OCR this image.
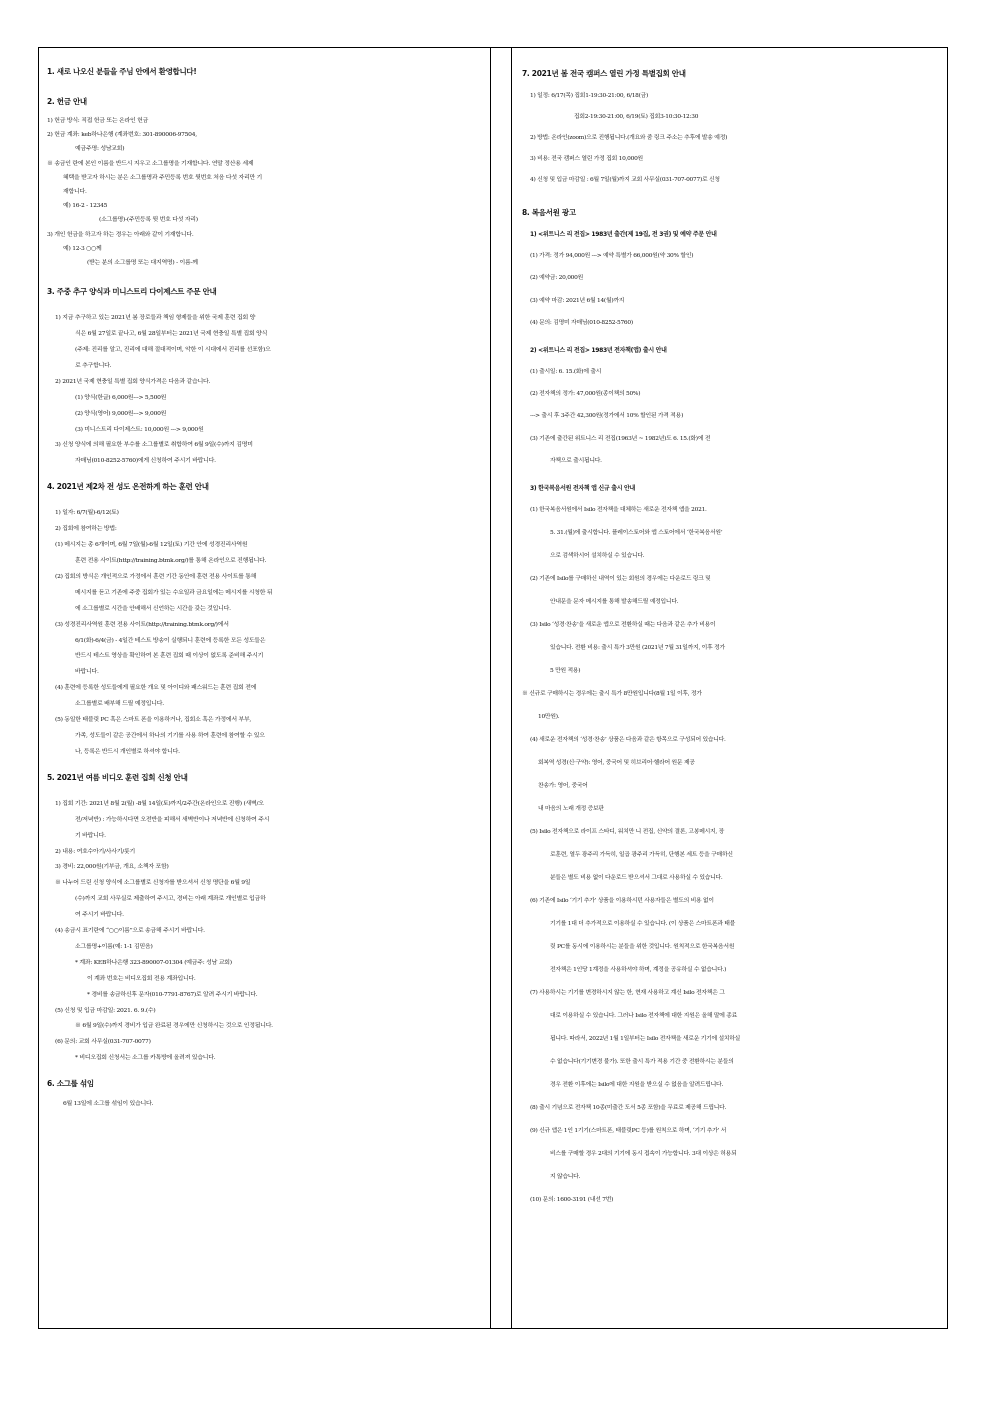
1. 새로 나오신 분들을 주님 안에서 환영합니다!
2. 헌금 안내

1) 헌금 방식: 직접 헌금 또는 온라인 헌금

2) 헌금 계좌: keb하나은행 (계좌번호: 301-890006-97504,

예금주명: 성남교회)

※ 송금인 란에 본인 이름을 반드시 지우고 소그룹명을 기재합니다. 연말 정산용 세제

혜택을 받고자 하시는 분은 소그룹명과 주민등록 번호 뒷번호 처음 다섯 자리만 기

재합니다.

예) 16-2 - 12345

(소그룹명)-(주민등록 뒷 번호 다섯 자리)

3) 개인 헌금을 하고자 하는 경우는 아래와 같이 기재합니다.

예) 12-3 ○○께

(받는 분의 소그룹명 또는 대지역명) - 이름-께

3. 주중 추구 양식과 미니스트리 다이제스트 주문 안내

1) 지금 추구하고 있는 2021년 봄 장로들과 책임 형제들을 위한 국제 훈련 집회 양

식은 6월 27일로 끝나고, 6월 28일부터는 2021년 국제 현충일 특별 집회 양식

(주제: 진리를 알고, 진리에 대해 절대적이며, 악한 이 시대에서 진리를 선포함)으

로 추구합니다.

2) 2021년 국제 현충일 특별 집회 양식가격은 다음과 같습니다.

(1) 양식(한글) 6,000원---> 5,500원

(2) 양식(영어) 9,000원---> 9,000원

(3) 미니스트리 다이제스트: 10,000원 ---> 9,000원

3) 신청 양식에 의해 필요한 부수를 소그룹별로 취합하여 6월 9일(수)까지 김명미

자매님(010-8252-5760)에게 신청하여 주시기 바랍니다.

4. 2021년 제2차 전 성도 온전하게 하는 훈련 안내

1) 일자: 6/7(월)-6/12(토)

2) 집회에 참여하는 방법:

(1) 메시지는 총 6개이며, 6월 7일(월)-6월 12일(토) 기간 안에 성경진리사역원

훈련 전용 사이트(http://training.btmk.org/)를 통해 온라인으로 진행됩니다.

(2) 집회의 방식은 개인적으로 가정에서 훈련 기간 동안에 훈련 전용 사이트를 통해

메시지를 듣고 기존에 주중 집회가 있는 수요일과 금요일에는 메시지를 시청한 뒤

에 소그룹별로 시간을 안배해서 신언하는 시간을 갖는 것입니다.

(3) 성경진리사역원 훈련 전용 사이트(http://training.btmk.org/)에서

6/1(화)-6/4(금) - 4일간 테스트 방송이 실행되니 훈련에 등록한 모든 성도들은

반드시 테스트 영상을 확인하여 본 훈련 집회 때 이상이 없도록 준비해 주시기

바랍니다.

(4) 훈련에 등록한 성도들에게 필요한 개요 및 아이디와 패스워드는 훈련 집회 전에

소그룹별로 배부해 드릴 예정입니다.

(5) 동일한 태블릿 PC 혹은 스마트 폰을 이용하거나, 집회소 혹은 가정에서 부부,

가족, 성도들이 같은 공간에서 하나의 기기를 사용 하여 훈련에 참여할 수 있으

나, 등록은 반드시 개인별로 하셔야 합니다.

5. 2021년 여름 비디오 훈련 집회 신청 안내

1) 집회 기간: 2021년 8월 2(월) -8월 14일(토)까지/2주간(온라인으로 진행) (새벽/오

전/저녁반) : 가능하시다면 오전반을 피해서 새벽반이나 저녁반에 신청하여 주시

기 바랍니다.

2) 내용: 여호수아기/사사기/룻기

3) 경비: 22,000원(기부금, 개요, 소책자 포함)

※ 나누어 드린 신청 양식에 소그룹별로 신청자를 받으셔서 신청 명단을 6월 9일

(수)까지 교회 사무실로 제출하여 주시고, 경비는 아래 계좌로 개인별로 입금하

여 주시기 바랍니다.

(4) 송금시 표기란에 “○○이름”으로 송금해 주시기 바랍니다.

소그룹명+이름(예: 1-1 김믿음)

* 계좌: KEB하나은행 323-890007-01304 (예금주: 성남 교회)

이 계좌 번호는 비디오집회 전용 계좌입니다.

* 경비를 송금하신후 문자(010-7791-8767)로 알려 주시기 바랍니다.

(5) 신청 및 입금 마감일: 2021. 6. 9.(수)

※ 6월 9일(수)까지 경비가 입금 완료된 경우에만 신청하시는 것으로 인정됩니다.

(6) 문의: 교회 사무실(031-707-0077)

* 비디오집회 신청서는 소그룹 카톡방에 올려져 있습니다.

6. 소그룹 섞임

6월 13일에 소그룹 섞임이 있습니다.

7. 2021년 봄 전국 캠퍼스 열린 가정 특별집회 안내

1) 일정: 6/17(목) 집회1-19:30-21:00, 6/18(금)

집회2-19:30-21:00, 6/19(토) 집회3-10:30-12:30

2) 방법: 온라인(zoom)으로 진행됩니다.(개요와 줌 링크 주소는 추후에 발송 예정)

3) 비용: 전국 캠퍼스 열린 가정 집회 10,000원

4) 신청 및 입금 마감일 : 6월 7일(월)까지 교회 사무실(031-707-0077)로 신청

8. 복음서원 광고
1) <위트니스 리 전집> 1983년 출간(제 19집, 전 3권) 및 예약 주문 안내

(1) 가격: 정가 94,000원 ---> 예약 특별가 66,000원(약 30% 할인)

(2) 예약금: 20,000원

(3) 예약 마감: 2021년 6월 14(월)까지

(4) 문의: 김명미 자매님(010-8252-5760)

2) <위트니스 리 전집> 1983년 전자책(앱) 출시 안내

(1) 출시일: 6. 15.(화)에 출시

(2) 전자책의 정가: 47,000원(종이책의 50%)

---> 출시 후 3주간 42,300원(정가에서 10% 할인된 가격 적용)

(3) 기존에 출간된 위트니스 리 전집(1963년 ~ 1982년)도 6. 15.(화)에 전

자책으로 출시됩니다.

3) 한국복음서원 전자책 앱 신규 출시 안내

(1) 한국복음서원에서 Isilo 전자책을 대체하는 새로운 전자책 앱을 2021.

5. 31.(월)에 출시합니다. 플레이스토어와 앱 스토어에서 ‘한국복음서원’

으로 검색하시어 설치하실 수 있습니다.

(2) 기존에 Isilo를 구매하신 내역이 있는 회원의 경우에는 다운로드 링크 및

안내문을 문자 메시지를 통해 발송해드릴 예정입니다.

(3) Isilo ‘성경·찬송’을 새로운 앱으로 전환하실 때는 다음과 같은 추가 비용이

있습니다. 전환 비용: 출시 특가 3만원 (2021년 7월 31일까지, 이후 정가

5 만원 적용)

※ 신규로 구매하시는 경우에는 출시 특가 8만원입니다(8월 1일 이후, 정가

10만원).

(4) 새로운 전자책의 ‘성경·찬송’ 상품은 다음과 같은 항목으로 구성되어 있습니다.

회복역 성경(신·구약): 영어, 중국어 및 히브리어·헬라어 원문 제공

찬송가: 영어, 중국어

내 마음의 노래 개정 증보판

(5) Isilo 전자책으로 라이프 스타디, 워치만 니 전집, 신약의 결론, 고봉메시지, 장

로훈련, 열두 광주리 가득히, 일곱 광주리 가득히, 단행본 세트 등을 구매하신

분들은 별도 비용 없이 다운로드 받으셔서 그대로 사용하실 수 있습니다.

(6) 기존에 Isilo ‘기기 추가’ 상품을 이용하시던 사용자들은 별도의 비용 없이

기기를 1대 더 추가적으로 이용하실 수 있습니다. (이 상품은 스마트폰과 태블

릿 PC를 동시에 이용하시는 분들을 위한 것입니다. 원칙적으로 한국복음서원

전자책은 1인당 1계정을 사용하셔야 하며, 계정을 공유하실 수 없습니다.)

(7) 사용하시는 기기를 변경하시지 않는 한, 현재 사용하고 계신 Isilo 전자책은 그

대로 이용하실 수 있습니다. 그러나 Isilo 전자책에 대한 지원은 올해 말에 종료

됩니다. 따라서, 2022년 1월 1일부터는 Isilo 전자책을 새로운 기기에 설치하실

수 없습니다(기기변경 불가). 또한 출시 특가 적용 기간 중 전환하시는 분들의

경우 전환 이후에는 Isilo에 대한 지원을 받으실 수 없음을 알려드립니다.

(8) 출시 기념으로 전자책 10종(미출간 도서 5종 포함)을 무료로 제공해 드립니다.

(9) 신규 앱은 1인 1기기(스마트폰, 태블릿PC 등)를 원칙으로 하며, ‘기기 추가’ 서

비스를 구매할 경우 2대의 기기에 동시 접속이 가능합니다. 3대 이상은 허용되

지 않습니다.

(10) 문의: 1600-3191 (내선 7번)
